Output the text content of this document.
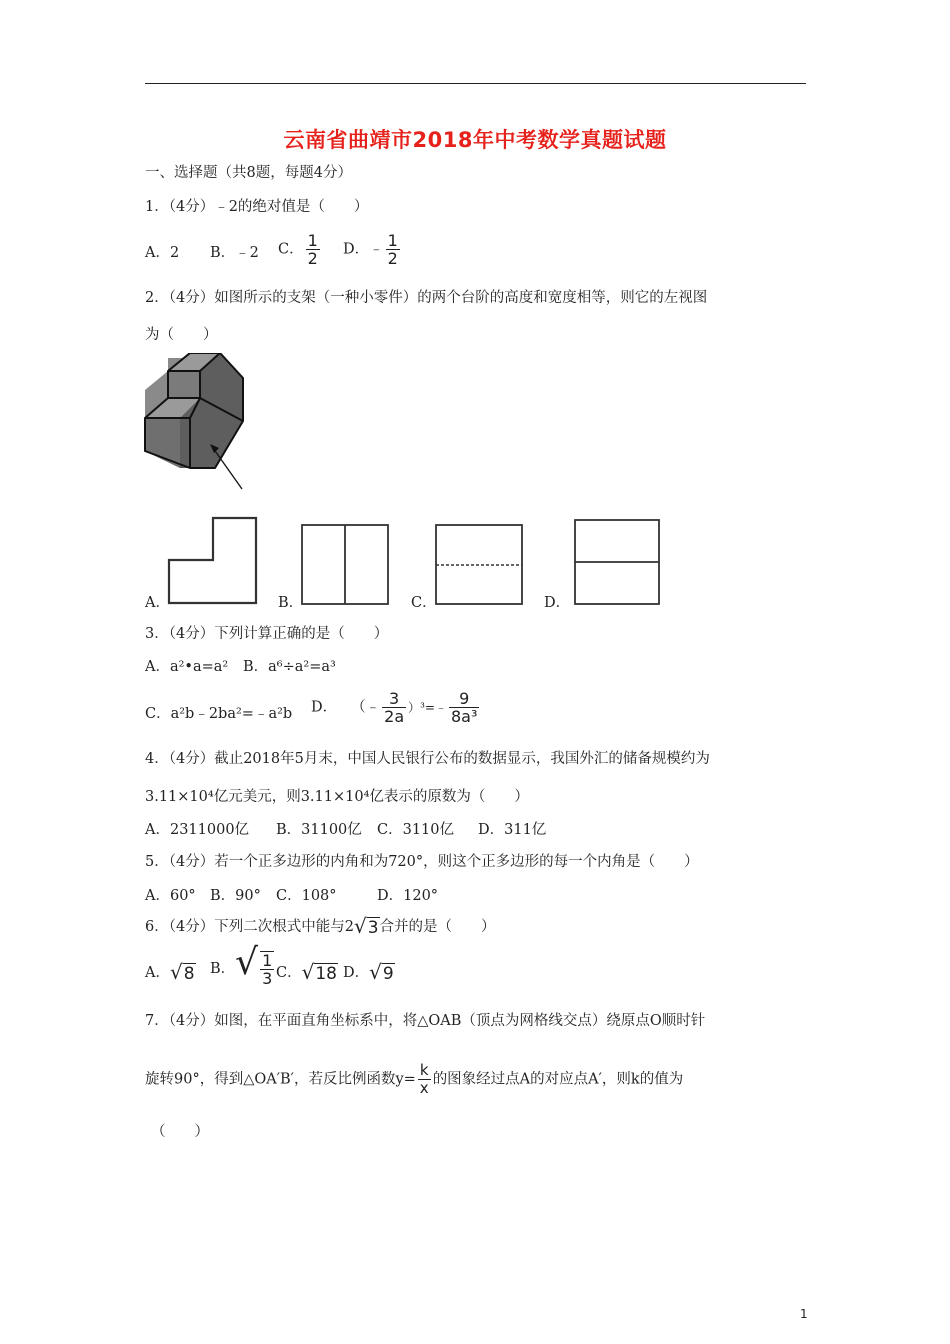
云南省曲靖市2018年中考数学真题试题
一、选择题（共8题，每题4分）
1．（4分）﹣2的绝对值是（　　）
A．2 B．﹣2 C． $\frac{1}{2}$ D．﹣ $\frac{1}{2}$
2．（4分）如图所示的支架（一种小零件）的两个台阶的高度和宽度相等，则它的左视图
为（　　）
A．	B．	C．	D．
3．（4分）下列计算正确的是（　　）
A．a²•a=a² B．a⁶÷a²=a³
C．a²b﹣2ba²=﹣a²b D． （﹣ $\frac{3}{2a}$ ）³=﹣ $\frac{9}{\text{8a³}}$
4．（4分）截止2018年5月末，中国人民银行公布的数据显示，我国外汇的储备规模约为
3.11×10⁴亿元美元，则3.11×10⁴亿表示的原数为（　　）
A．2311000亿 B．31100亿 C．3110亿 D．311亿
5．（4分）若一个正多边形的内角和为720°，则这个正多边形的每一个内角是（　　）
A．60° B．90° C．108°	D．120°
6．（4分）下列二次根式中能与2√3合并的是（　　）
A．√8 B．√ $\frac{1}{3}$ C．√18 D．√9
7．（4分）如图，在平面直角坐标系中，将△OAB（顶点为网格线交点）绕原点O顺时针
旋转90°，得到△OA′B′，若反比例函数$y= \frac{k}{x}$ 的图象经过点A的对应点A′，则k的值为
（　　）
1
